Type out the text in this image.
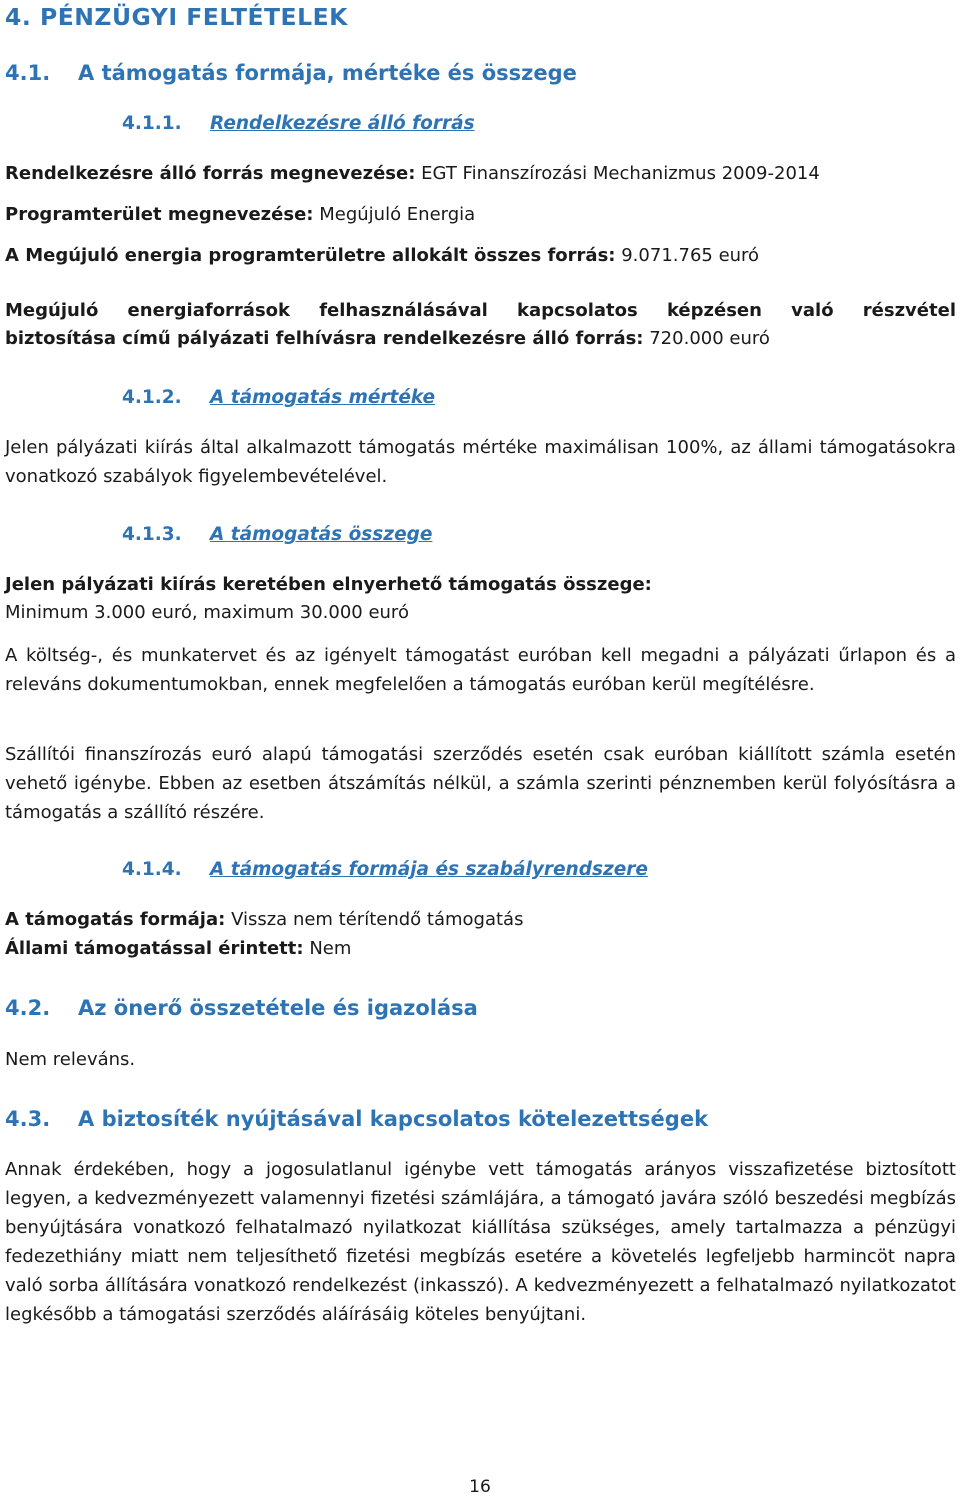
4. PÉNZÜGYI FELTÉTELEK
4.1. A támogatás formája, mértéke és összege
4.1.1. Rendelkezésre álló forrás
Rendelkezésre álló forrás megnevezése: EGT Finanszírozási Mechanizmus 2009-2014
Programterület megnevezése: Megújuló Energia
A Megújuló energia programterületre allokált összes forrás: 9.071.765 euró
Megújuló energiaforrások felhasználásával kapcsolatos képzésen való részvétel
biztosítása című pályázati felhívásra rendelkezésre álló forrás: 720.000 euró
4.1.2. A támogatás mértéke

Jelen pályázati kiírás által alkalmazott támogatás mértéke maximálisan 100%, az állami támogatásokra vonatkozó szabályok figyelembevételével.

4.1.3. A támogatás összege
Jelen pályázati kiírás keretében elnyerhető támogatás összege:
Minimum 3.000 euró, maximum 30.000 euró

A költség-, és munkatervet és az igényelt támogatást euróban kell megadni a pályázati űrlapon és a releváns dokumentumokban, ennek megfelelően a támogatás euróban kerül megítélésre.

Szállítói finanszírozás euró alapú támogatási szerződés esetén csak euróban kiállított számla esetén vehető igénybe. Ebben az esetben átszámítás nélkül, a számla szerinti pénznemben kerül folyósításra a támogatás a szállító részére.

4.1.4. A támogatás formája és szabályrendszere
A támogatás formája: Vissza nem térítendő támogatás
Állami támogatással érintett: Nem
4.2. Az önerő összetétele és igazolása
Nem releváns.
4.3. A biztosíték nyújtásával kapcsolatos kötelezettségek

Annak érdekében, hogy a jogosulatlanul igénybe vett támogatás arányos visszafizetése biztosított legyen, a kedvezményezett valamennyi fizetési számlájára, a támogató javára szóló beszedési megbízás benyújtására vonatkozó felhatalmazó nyilatkozat kiállítása szükséges, amely tartalmazza a pénzügyi fedezethiány miatt nem teljesíthető fizetési megbízás esetére a követelés legfeljebb harmincöt napra való sorba állítására vonatkozó rendelkezést (inkasszó). A kedvezményezett a felhatalmazó nyilatkozatot legkésőbb a támogatási szerződés aláírásáig köteles benyújtani.

16
